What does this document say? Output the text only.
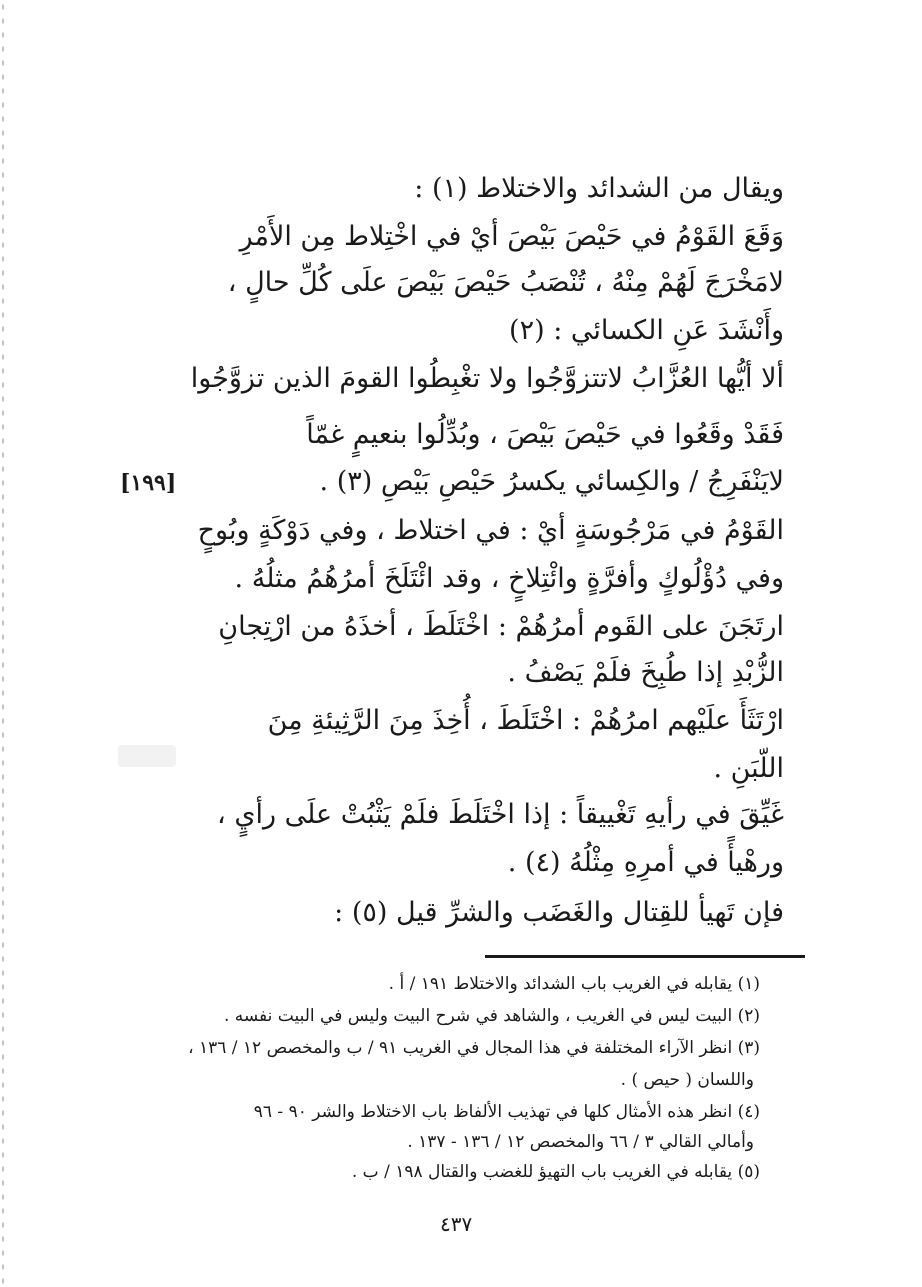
ويقال من الشدائد والاختلاط (١) :
وَقَعَ القَوْمُ في حَيْصَ بَيْصَ أيْ في اخْتِلاط مِن الأَمْرِ
لامَخْرَجَ لَهُمْ مِنْهُ ، تُنْصَبُ حَيْصَ بَيْصَ علَى كُلِّ حالٍ ،
وأَنْشَدَ عَنِ الكسائي : (٢)
ألا أيُّها العُزَّابُ لاتتزوَّجُوا ولا تغْبِطُوا القومَ الذين تزوَّجُوا
فَقَدْ وقَعُوا في حَيْصَ بَيْصَ ، وبُدِّلُوا بنعيمٍ غمّاً
لايَنْفَرِجُ / والكِسائي يكسرُ حَيْصِ بَيْصِ (٣) .
القَوْمُ في مَرْجُوسَةٍ أيْ : في اختلاط ، وفي دَوْكَةٍ وبُوحٍ
وفي دُؤْلُوكٍ وأفرَّةٍ وائْتِلاخٍ ، وقد ائْتَلَخَ أمرُهُمُ مثلُهُ .
ارتَجَنَ على القَوم أمرُهُمْ : اخْتَلَطَ ، أخذَهُ من ارْتِجانِ
الزُّبْدِ إذا طُبِخَ فلَمْ يَصْفُ .
ارْتَثَأَ علَيْهم امرُهُمْ : اخْتَلَطَ ، أُخِذَ مِنَ الرَّثِيئةِ مِنَ
اللّبَنِ .
غَيِّقَ في رأيهِ تَغْييقاً : إذا اخْتَلَطَ فلَمْ يَثْبُتْ علَى رأيٍ ،
ورهْيأً في أمرِهِ مِثْلُهُ (٤) .
فإن تَهيأ للقِتال والغَضَب والشرِّ قيل (٥) :
[١٩٩]
(١) يقابله في الغريب باب الشدائد والاختلاط ١٩١ / أ .
(٢) البيت ليس في الغريب ، والشاهد في شرح البيت وليس في البيت نفسه .
(٣) انظر الآراء المختلفة في هذا المجال في الغريب ٩١ / ب والمخصص ١٢ / ١٣٦ ،
واللسان ( حيص ) .
(٤) انظر هذه الأمثال كلها في تهذيب الألفاظ باب الاختلاط والشر ٩٠ - ٩٦
وأمالي القالي ٣ / ٦٦ والمخصص ١٢ / ١٣٦ - ١٣٧ .
(٥) يقابله في الغريب باب التهيؤ للغضب والقتال ١٩٨ / ب .
٤٣٧
